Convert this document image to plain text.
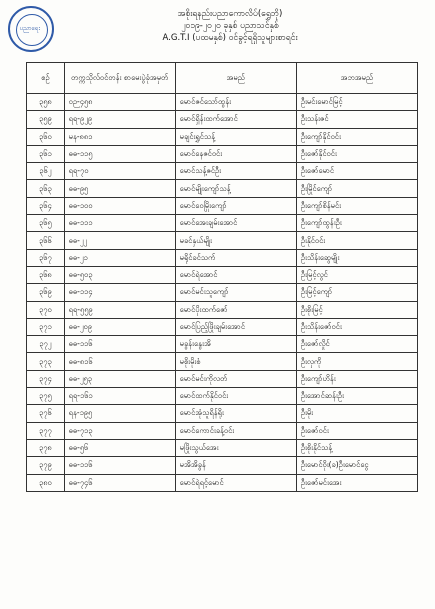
ပညာရေး
အစိုးရနည်းပညာကောလိပ်(ရွှေဘို)
၂၀၁၉-၂၀၂၀ ခုနှစ် ပညာသင်နှစ်
A.G.T.I (ပထမနှစ်) ဝင်ခွင့်ရရှိသူများစာရင်း
စဉ်	တက္ကသိုလ်ဝင်တန်း စာမေးပွဲခုံအမှတ်	အမည်	အဘအမည်
၃၅၈	ဝဉ-၄၅၈	မောင်ဇင်သော်ထွန်း	ဦးမင်းမောင်မြင့်
၃၅၉	ရရ-၉၂၉	မောင်ရှိန်းထက်အောင်	ဦးသန်းဇင်
၃၆၀	မန-၈၈၁	မချင်းရွှင်သန့်	ဦးကျော်နိုင်ဝင်း
၃၆၁	ဓဓ-၁၁၅	မောင်နေဇင်ဝင်း	ဦးဇော်နိုင်ဝင်း
၃၆၂	ရရ-၇၀	မောင်သန့်ဇင်ဦး	ဦးဇော်မောင်
၃၆၃	ဓဓ-၉၅	မောင်မျိုးကျော်သန့်	ဦးမြိုင်ကျော်
၃၆၄	ဓဓ-၁၀၀	မောင်ဝေမြိုးကျော်	ဦးကျော်စိန်မင်း
၃၆၅	ဓဓ-၁၁၁	မောင်အေးချမ်းအောင်	ဦးကျော်ထွန်းဦး
၃၆၆	ဓဓ-၂၂	မခင်နှယ်မျိုး	ဦးနိုင်ဝင်း
၃၆၇	ဓဓ-၂၁	မရိုင်ခင်သက်	ဦးသိန်းဆွေမျိုး
၃၆၈	ဓဓ-၅၀၃	မောင်ရဲအောင်	ဦးမြင့်လွင်
၃၆၉	ဓဓ-၁၁၄	မောင်မင်းသူကျော်	ဦးမြင့်ကျော်
၃၇၀	ရရ-၅၅၉	မောင်ပိုးထက်ဇော်	ဦးစိုးမြင့်
၃၇၁	ဓဓ-၂၀၉	မောင်ပြည့်ဖြိုးချမ်းအောင်	ဦးသိန်းဇော်ဝင်း
၃၇၂	ဓဓ-၁၁၆	မခွန်းနွေးအိ	ဦးဇော်လှိုင်
၃၇၃	ဓဓ-၈၁၆	မစိုးမိုးစံ	ဦးလှကို
၃၇၄	ဓဓ-၂၅၃	မောင်မင်းကိုလတ်	ဦးကျော်ဟိန်း
၃၇၅	ရရ-၁၆၁	မောင်ထက်နိုင်ဝင်း	ဦးအောင်ဆန်းဦး
၃၇၆	ရန-၁၉၅	မောင်အုံသူရိန်ရိုး	ဦးမိုး
၃၇၇	ဓဓ-၇၁၃	မောင်ကောင်းခန့်ဝင်း	ဦးဇော်ဝင်း
၃၇၈	ဓဓ-၅၆	မဖြိုးသွယ်အေး	ဦးစိုးနိုင်သန့်
၃၇၉	ဓဓ-၁၁၆	မအိအိခွန်	ဦးမောင်ဝိုး(ခ)ဦးမောင်ငွေ
၃၈၀	ဓဓ-၇၄၆	မောင်ရဲရင့်မောင်	ဦးဇော်မင်းအေး
